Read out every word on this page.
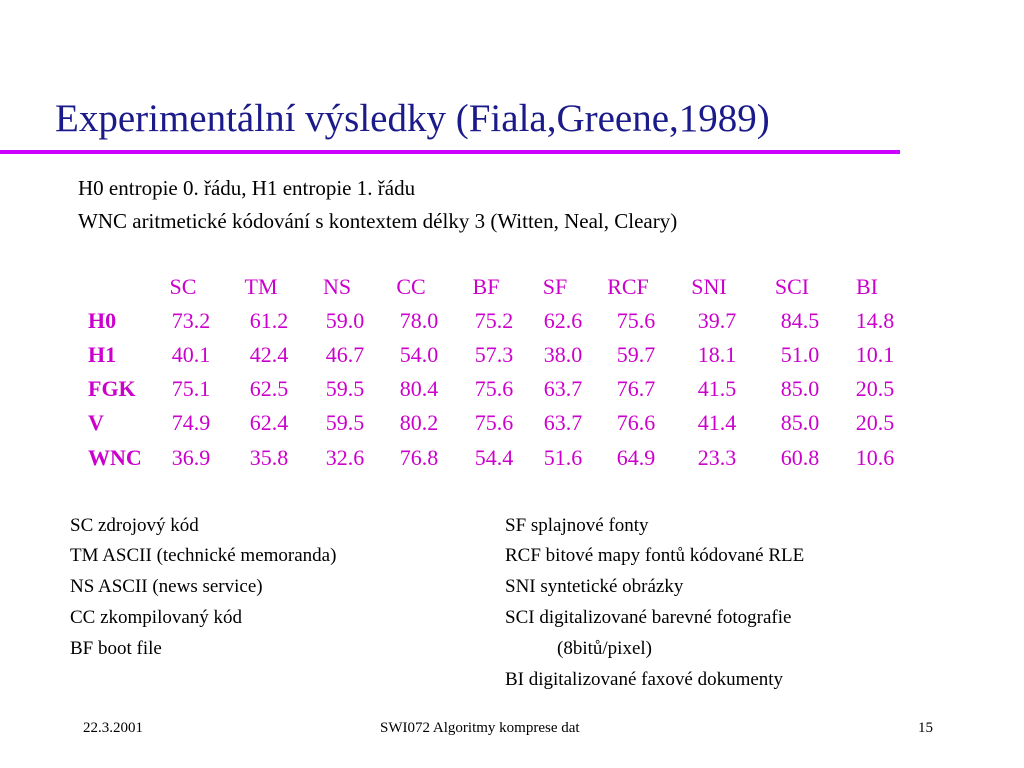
Experimentální výsledky (Fiala,Greene,1989)
H0 entropie 0. řádu, H1 entropie 1. řádu
WNC aritmetické kódování s kontextem délky 3 (Witten, Neal, Cleary)
SC TM NS CC BF SF RCF SNI SCI BI
H0	73.2 61.2 59.0 78.0 75.2 62.6 75.6 39.7 84.5 14.8
H1	40.1 42.4 46.7 54.0 57.3 38.0 59.7 18.1 51.0 10.1
FGK 75.1 62.5 59.5 80.4 75.6 63.7 76.7 41.5 85.0 20.5
V	74.9 62.4 59.5 80.2 75.6 63.7 76.6 41.4 85.0 20.5
WNC 36.9 35.8 32.6 76.8 54.4 51.6 64.9 23.3 60.8 10.6
SC zdrojový kód
TM ASCII (technické memoranda)
NS ASCII (news service)
CC zkompilovaný kód
BF boot file
SF splajnové fonty
RCF bitové mapy fontů kódované RLE
SNI syntetické obrázky
SCI digitalizované barevné fotografie
(8bitů/pixel)
BI digitalizované faxové dokumenty
22.3.2001	SWI072 Algoritmy komprese dat	15
